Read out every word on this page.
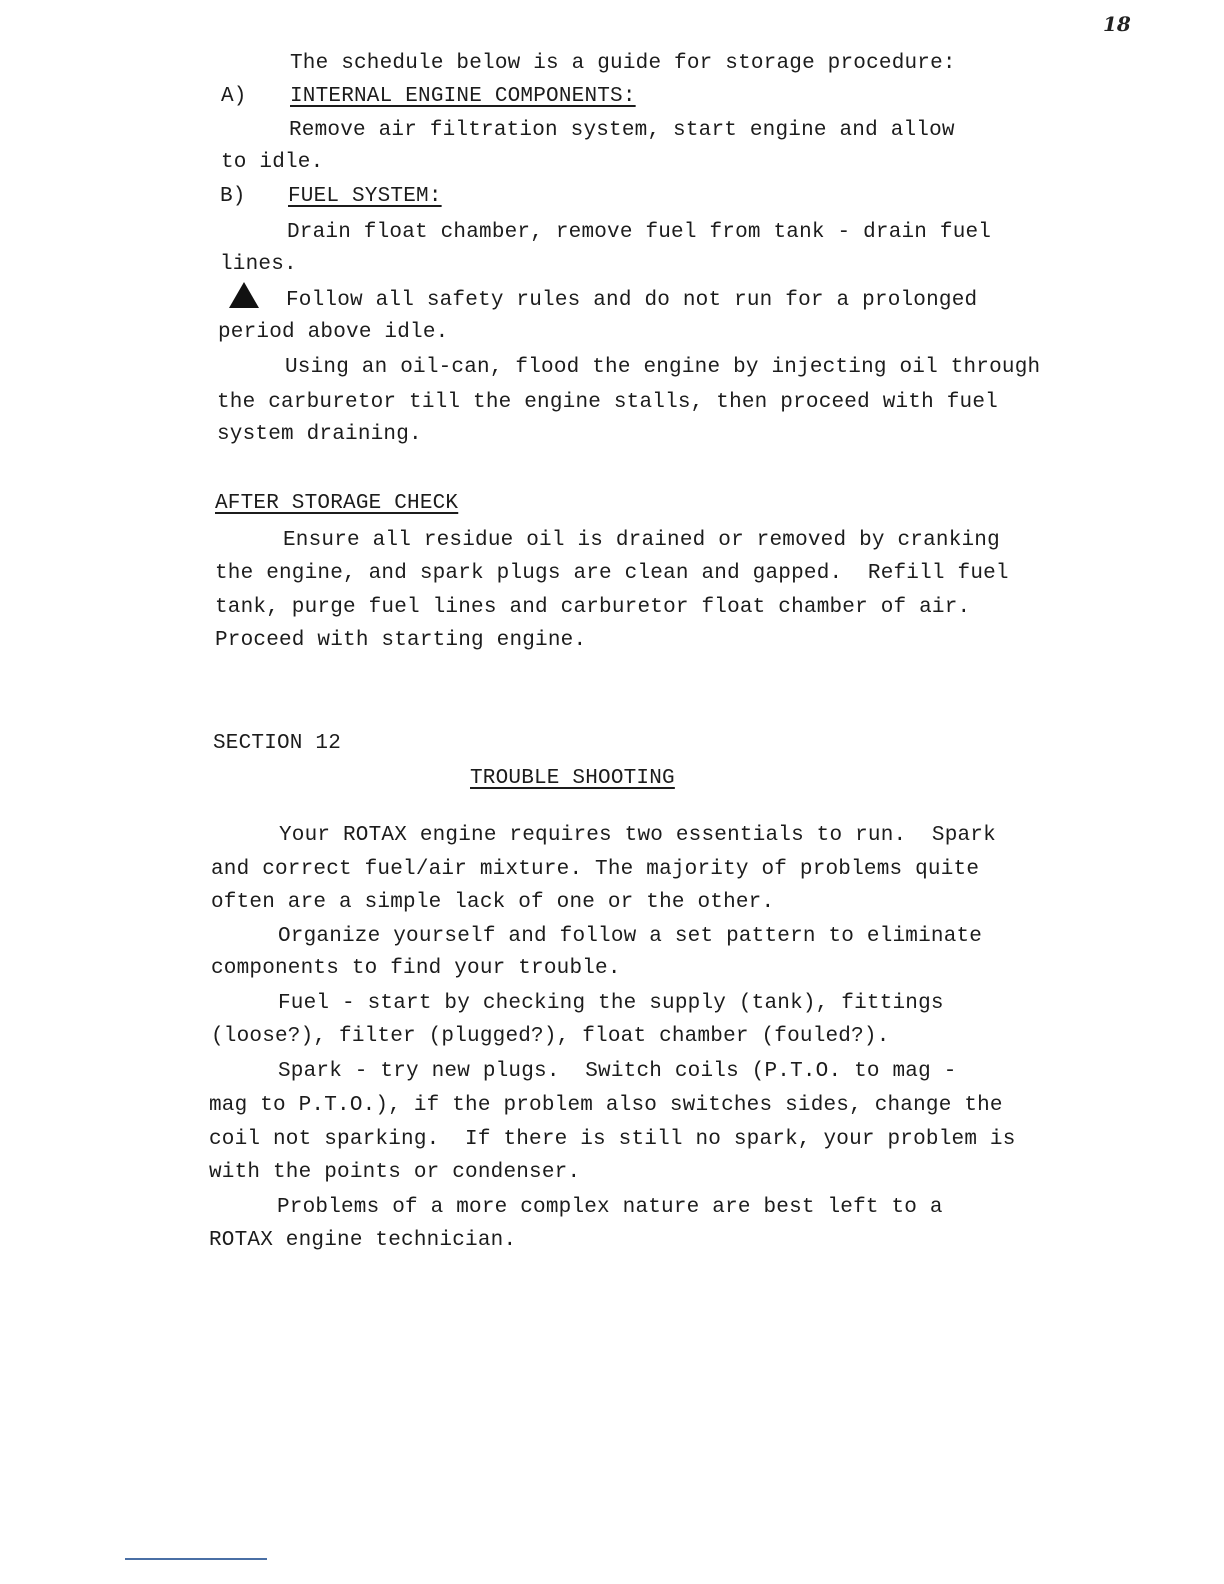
18
The schedule below is a guide for storage procedure:
A) INTERNAL ENGINE COMPONENTS:
Remove air filtration system, start engine and allow
to idle.
B) FUEL SYSTEM:
Drain float chamber, remove fuel from tank - drain fuel
lines.
Follow all safety rules and do not run for a prolonged
period above idle.
Using an oil-can, flood the engine by injecting oil through
the carburetor till the engine stalls, then proceed with fuel
system draining.
AFTER STORAGE CHECK
Ensure all residue oil is drained or removed by cranking
the engine, and spark plugs are clean and gapped.  Refill fuel
tank, purge fuel lines and carburetor float chamber of air.
Proceed with starting engine.
SECTION 12
TROUBLE SHOOTING
Your ROTAX engine requires two essentials to run.  Spark
and correct fuel/air mixture. The majority of problems quite
often are a simple lack of one or the other.
Organize yourself and follow a set pattern to eliminate
components to find your trouble.
Fuel - start by checking the supply (tank), fittings
(loose?), filter (plugged?), float chamber (fouled?).
Spark - try new plugs.  Switch coils (P.T.O. to mag -
mag to P.T.O.), if the problem also switches sides, change the
coil not sparking.  If there is still no spark, your problem is
with the points or condenser.
Problems of a more complex nature are best left to a
ROTAX engine technician.
